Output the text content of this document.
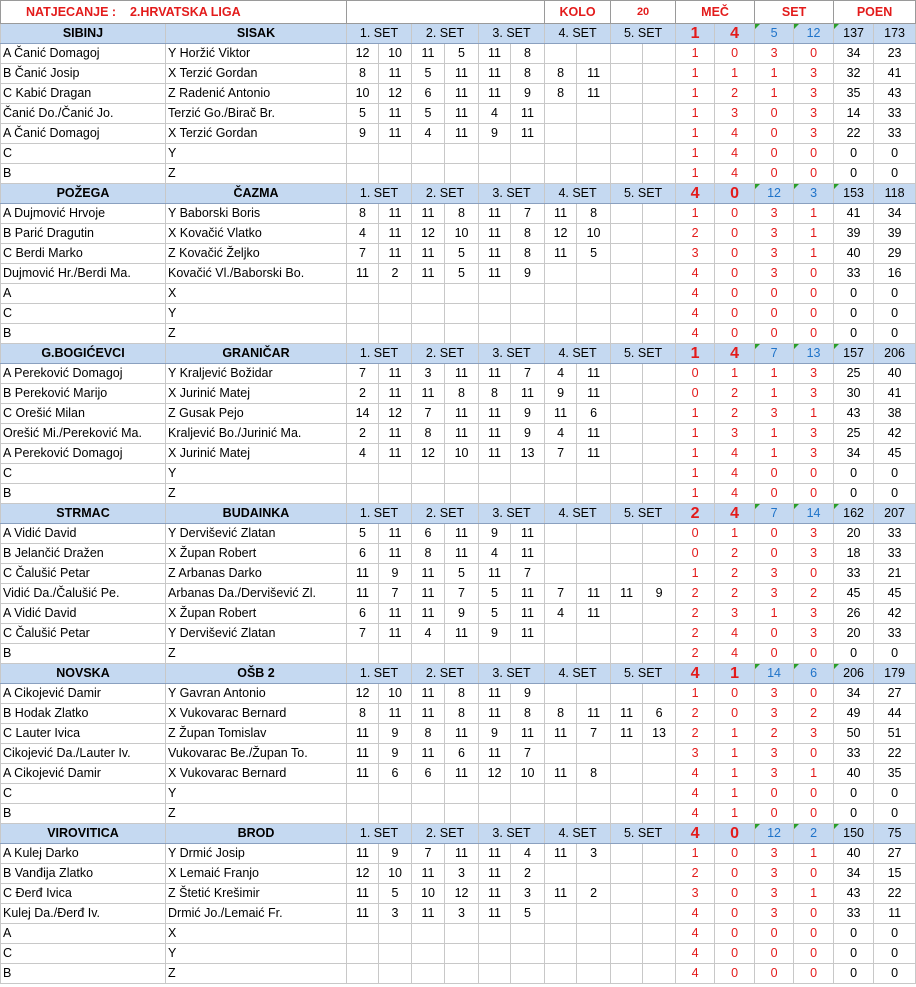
NATJECANJE : 2.HRVATSKA LIGA								KOLO		20		MEČ		SET		POEN	
SIBINJ	SISAK	1. SET		2. SET		3. SET		4. SET		5. SET		1	4	5	12	137	173
A Čanić Domagoj	Y Horžić Viktor	12	10	11	5	11	8					1	0	3	0	34	23
B Čanić Josip	X Terzić Gordan	8	11	5	11	11	8	8	11			1	1	1	3	32	41
C Kabić Dragan	Z Radenić Antonio	10	12	6	11	11	9	8	11			1	2	1	3	35	43
Čanić Do./Čanić Jo.	Terzić Go./Birač Br.	5	11	5	11	4	11					1	3	0	3	14	33
A Čanić Domagoj	X Terzić Gordan	9	11	4	11	9	11					1	4	0	3	22	33
C	Y											1	4	0	0	0	0
B	Z											1	4	0	0	0	0
POŽEGA	ČAZMA	1. SET		2. SET		3. SET		4. SET		5. SET		4	0	12	3	153	118
A Dujmović Hrvoje	Y Baborski Boris	8	11	11	8	11	7	11	8			1	0	3	1	41	34
B Parić Dragutin	X Kovačić Vlatko	4	11	12	10	11	8	12	10			2	0	3	1	39	39
C Berdi Marko	Z Kovačić Željko	7	11	11	5	11	8	11	5			3	0	3	1	40	29
Dujmović Hr./Berdi Ma.	Kovačić Vl./Baborski Bo.	11	2	11	5	11	9					4	0	3	0	33	16
A	X											4	0	0	0	0	0
C	Y											4	0	0	0	0	0
B	Z											4	0	0	0	0	0
G.BOGIĆEVCI	GRANIČAR	1. SET		2. SET		3. SET		4. SET		5. SET		1	4	7	13	157	206
A Pereković Domagoj	Y Kraljević Božidar	7	11	3	11	11	7	4	11			0	1	1	3	25	40
B Pereković Marijo	X Jurinić Matej	2	11	11	8	8	11	9	11			0	2	1	3	30	41
C Orešić Milan	Z Gusak Pejo	14	12	7	11	11	9	11	6			1	2	3	1	43	38
Orešić Mi./Pereković Ma.	Kraljević Bo./Jurinić Ma.	2	11	8	11	11	9	4	11			1	3	1	3	25	42
A Pereković Domagoj	X Jurinić Matej	4	11	12	10	11	13	7	11			1	4	1	3	34	45
C	Y											1	4	0	0	0	0
B	Z											1	4	0	0	0	0
STRMAC	BUDAINKA	1. SET		2. SET		3. SET		4. SET		5. SET		2	4	7	14	162	207
A Vidić David	Y Dervišević Zlatan	5	11	6	11	9	11					0	1	0	3	20	33
B Jelančić Dražen	X Župan Robert	6	11	8	11	4	11					0	2	0	3	18	33
C Čalušić Petar	Z Arbanas Darko	11	9	11	5	11	7					1	2	3	0	33	21
Vidić Da./Čalušić Pe.	Arbanas Da./Dervišević Zl.	11	7	11	7	5	11	7	11	11	9	2	2	3	2	45	45
A Vidić David	X Župan Robert	6	11	11	9	5	11	4	11			2	3	1	3	26	42
C Čalušić Petar	Y Dervišević Zlatan	7	11	4	11	9	11					2	4	0	3	20	33
B	Z											2	4	0	0	0	0
NOVSKA	OŠB 2	1. SET		2. SET		3. SET		4. SET		5. SET		4	1	14	6	206	179
A Cikojević Damir	Y Gavran Antonio	12	10	11	8	11	9					1	0	3	0	34	27
B Hodak Zlatko	X Vukovarac Bernard	8	11	11	8	11	8	8	11	11	6	2	0	3	2	49	44
C Lauter Ivica	Z Župan Tomislav	11	9	8	11	9	11	11	7	11	13	2	1	2	3	50	51
Cikojević Da./Lauter Iv.	Vukovarac Be./Župan To.	11	9	11	6	11	7					3	1	3	0	33	22
A Cikojević Damir	X Vukovarac Bernard	11	6	6	11	12	10	11	8			4	1	3	1	40	35
C	Y											4	1	0	0	0	0
B	Z											4	1	0	0	0	0
VIROVITICA	BROD	1. SET		2. SET		3. SET		4. SET		5. SET		4	0	12	2	150	75
A Kulej Darko	Y Drmić Josip	11	9	7	11	11	4	11	3			1	0	3	1	40	27
B Vanđija Zlatko	X Lemaić Franjo	12	10	11	3	11	2					2	0	3	0	34	15
C Đerđ Ivica	Z Štetić Krešimir	11	5	10	12	11	3	11	2			3	0	3	1	43	22
Kulej Da./Đerđ Iv.	Drmić Jo./Lemaić Fr.	11	3	11	3	11	5					4	0	3	0	33	11
A	X											4	0	0	0	0	0
C	Y											4	0	0	0	0	0
B	Z											4	0	0	0	0	0
